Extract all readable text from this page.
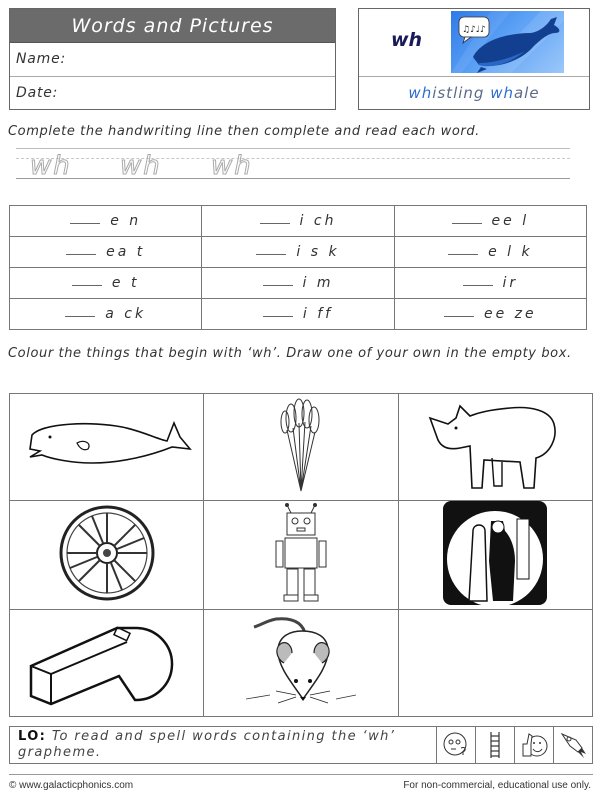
Words and Pictures
Name:
Date:
wh	♫♪♩♪
whistling whale
Complete the handwriting line then complete and read each word.
wh wh wh
e n	i ch	ee l
ea t	i s k	e l k
e t	i m	ir
a ck	i ff	ee ze
Colour the things that begin with ‘wh’. Draw one of your own in the empty box.

LO: To read and spell words containing the ‘wh’ grapheme.
© www.galacticphonics.com	For non-commercial, educational use only.
